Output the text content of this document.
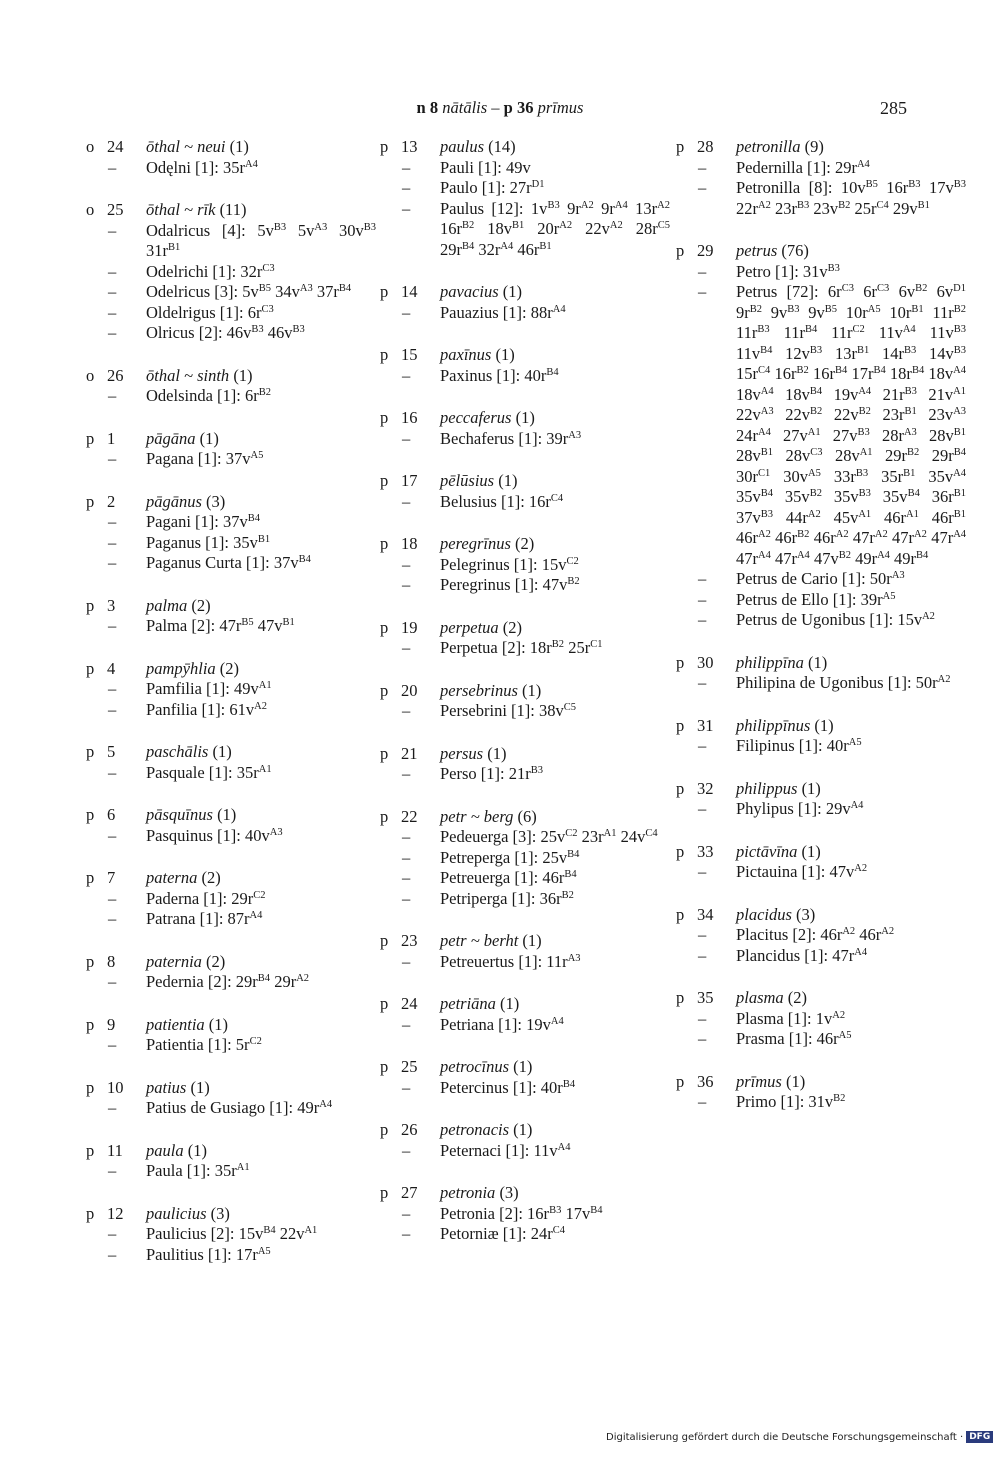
n 8 nātālis – p 36 prīmus	285
o 24 ōthal ~ neui (1)
– Odęlni [1]: $35r^{A4}$
o 25 ōthal ~ rīk (11)
– Odalricus [4]: $5v^{B3}$ $5v^{A3}$ $30v^{B3}$ $31r^{B1}$
– Odelrichi [1]: $32r^{C3}$
– Odelricus [3]: $5v^{B5}$ $34v^{A3}$ $37r^{B4}$
– Oldelrigus [1]: $6r^{C3}$
– Olricus [2]: $46v^{B3}$ $46v^{B3}$
o 26 ōthal ~ sinth (1)
– Odelsinda [1]: $6r^{B2}$
p 1 pāgāna (1)
– Pagana [1]: $37v^{A5}$
p 2 pāgānus (3)
– Pagani [1]: $37v^{B4}$
– Paganus [1]: $35v^{B1}$
– Paganus Curta [1]: $37v^{B4}$
p 3 palma (2)
– Palma [2]: $47r^{B5}$ $47v^{B1}$
p 4 pampȳhlia (2)
– Pamfilia [1]: $49v^{A1}$
– Panfilia [1]: $61v^{A2}$
p 5 paschālis (1)
– Pasquale [1]: $35r^{A1}$
p 6 pāsquīnus (1)
– Pasquinus [1]: $40v^{A3}$
p 7 paterna (2)
– Paderna [1]: $29r^{C2}$
– Patrana [1]: $87r^{A4}$
p 8 paternia (2)
– Pedernia [2]: $29r^{B4}$ $29r^{A2}$
p 9 patientia (1)
– Patientia [1]: $5r^{C2}$
p 10 patius (1)
– Patius de Gusiago [1]: $49r^{A4}$
p 11 paula (1)
– Paula [1]: $35r^{A1}$
p 12 paulicius (3)
– Paulicius [2]: $15v^{B4}$ $22v^{A1}$
– Paulitius [1]: $17r^{A5}$
p 13 paulus (14)
– Pauli [1]: 49v
– Paulo [1]: $27r^{D1}$
– Paulus [12]: $1v^{B3}$ $9r^{A2}$ $9r^{A4}$ $13r^{A2}$ $16r^{B2}$ $18v^{B1}$ $20r^{A2}$ $22v^{A2}$ $28r^{C5}$ $29r^{B4}$ $32r^{A4}$ $46r^{B1}$
p 14 pavacius (1)
– Pauazius [1]: $88r^{A4}$
p 15 paxīnus (1)
– Paxinus [1]: $40r^{B4}$
p 16 peccaferus (1)
– Bechaferus [1]: $39r^{A3}$
p 17 pēlūsius (1)
– Belusius [1]: $16r^{C4}$
p 18 peregrīnus (2)
– Pelegrinus [1]: $15v^{C2}$
– Peregrinus [1]: $47v^{B2}$
p 19 perpetua (2)
– Perpetua [2]: $18r^{B2}$ $25r^{C1}$
p 20 persebrinus (1)
– Persebrini [1]: $38v^{C5}$
p 21 persus (1)
– Perso [1]: $21r^{B3}$
p 22 petr ~ berg (6)
– Pedeuerga [3]: $25v^{C2}$ $23r^{A1}$ $24v^{C4}$
– Petreperga [1]: $25v^{B4}$
– Petreuerga [1]: $46r^{B4}$
– Petriperga [1]: $36r^{B2}$
p 23 petr ~ berht (1)
– Petreuertus [1]: $11r^{A3}$
p 24 petriāna (1)
– Petriana [1]: $19v^{A4}$
p 25 petrocīnus (1)
– Petercinus [1]: $40r^{B4}$
p 26 petronacis (1)
– Peternaci [1]: $11v^{A4}$
p 27 petronia (3)
– Petronia [2]: $16r^{B3}$ $17v^{B4}$
– Petorniæ [1]: $24r^{C4}$
p 28 petronilla (9)
– Pedernilla [1]: $29r^{A4}$
– Petronilla [8]: $10v^{B5}$ $16r^{B3}$ $17v^{B3}$ $22r^{A2}$ $23r^{B3}$ $23v^{B2}$ $25r^{C4}$ $29v^{B1}$
p 29 petrus (76)
– Petro [1]: $31v^{B3}$
– Petrus [72]: $6r^{C3}$ $6r^{C3}$ $6v^{B2}$ $6v^{D1}$ $9r^{B2}$ $9v^{B3}$ $9v^{B5}$ $10r^{A5}$ $10r^{B1}$ $11r^{B2}$ $11r^{B3}$ $11r^{B4}$ $11r^{C2}$ $11v^{A4}$ $11v^{B3}$ $11v^{B4}$ $12v^{B3}$ $13r^{B1}$ $14r^{B3}$ $14v^{B3}$ $15r^{C4}$ $16r^{B2}$ $16r^{B4}$ $17r^{B4}$ $18r^{B4}$ $18v^{A4}$ $18v^{A4}$ $18v^{B4}$ $19v^{A4}$ $21r^{B3}$ $21v^{A1}$ $22v^{A3}$ $22v^{B2}$ $22v^{B2}$ $23r^{B1}$ $23v^{A3}$ $24r^{A4}$ $27v^{A1}$ $27v^{B3}$ $28r^{A3}$ $28v^{B1}$ $28v^{B1}$ $28v^{C3}$ $28v^{A1}$ $29r^{B2}$ $29r^{B4}$ $30r^{C1}$ $30v^{A5}$ $33r^{B3}$ $35r^{B1}$ $35v^{A4}$ $35v^{B4}$ $35v^{B2}$ $35v^{B3}$ $35v^{B4}$ $36r^{B1}$ $37v^{B3}$ $44r^{A2}$ $45v^{A1}$ $46r^{A1}$ $46r^{B1}$ $46r^{A2}$ $46r^{B2}$ $46r^{A2}$ $47r^{A2}$ $47r^{A2}$ $47r^{A4}$ $47r^{A4}$ $47r^{A4}$ $47v^{B2}$ $49r^{A4}$ $49r^{B4}$
– Petrus de Cario [1]: $50r^{A3}$
– Petrus de Ello [1]: $39r^{A5}$
– Petrus de Ugonibus [1]: $15v^{A2}$
p 30 philippīna (1)
– Philipina de Ugonibus [1]: $50r^{A2}$
p 31 philippīnus (1)
– Filipinus [1]: $40r^{A5}$
p 32 philippus (1)
– Phylipus [1]: $29v^{A4}$
p 33 pictāvīna (1)
– Pictauina [1]: $47v^{A2}$
p 34 placidus (3)
– Placitus [2]: $46r^{A2}$ $46r^{A2}$
– Plancidus [1]: $47r^{A4}$
p 35 plasma (2)
– Plasma [1]: $1v^{A2}$
– Prasma [1]: $46r^{A5}$
p 36 prīmus (1)
– Primo [1]: $31v^{B2}$
Digitalisierung gefördert durch die Deutsche Forschungsgemeinschaft · DFG
